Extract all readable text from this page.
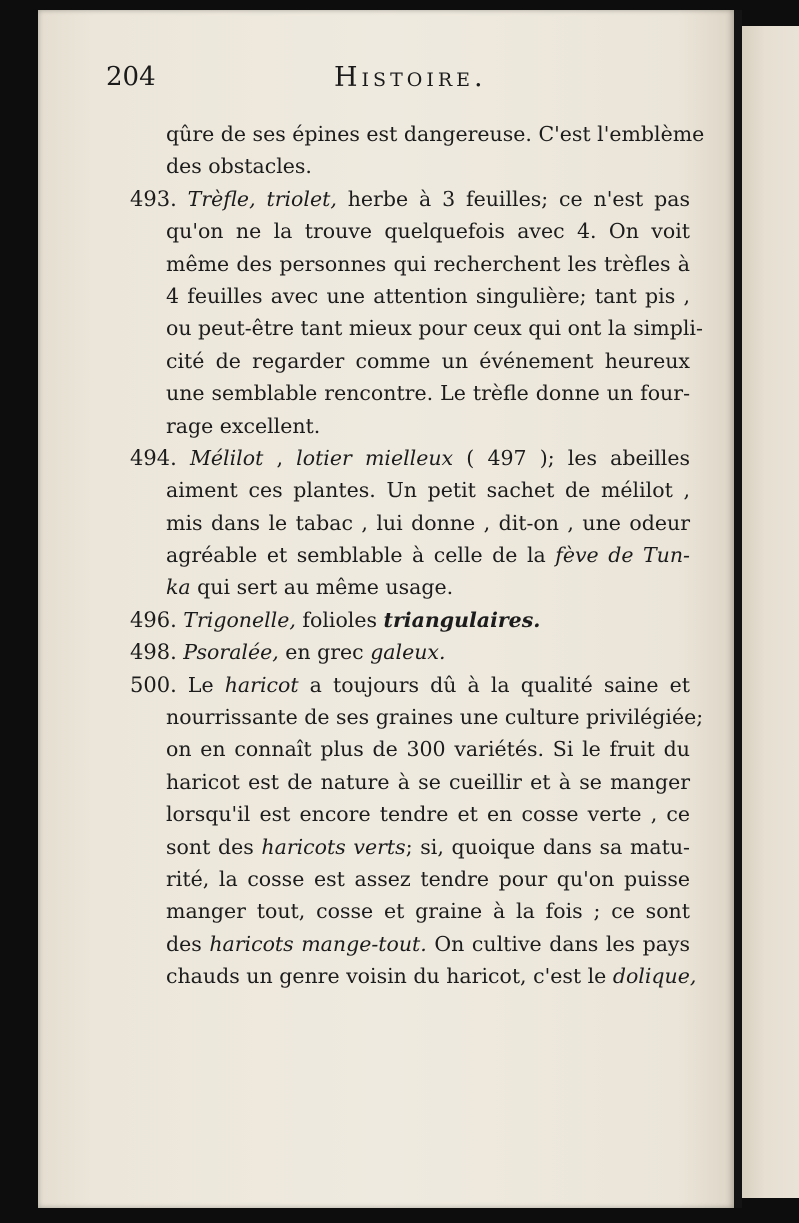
204	Histoire.
qûre de ses épines est dangereuse. C'est l'emblème
des obstacles.
493. Trèfle, triolet, herbe à 3 feuilles; ce n'est pas
qu'on ne la trouve quelquefois avec 4. On voit
même des personnes qui recherchent les trèfles à
4 feuilles avec une attention singulière; tant pis ,
ou peut-être tant mieux pour ceux qui ont la simpli-
cité de regarder comme un événement heureux
une semblable rencontre. Le trèfle donne un four-
rage excellent.
494. Mélilot , lotier mielleux ( 497 ); les abeilles
aiment ces plantes. Un petit sachet de mélilot ,
mis dans le tabac , lui donne , dit-on , une odeur
agréable et semblable à celle de la fève de Tun-
ka qui sert au même usage.
496. Trigonelle, folioles triangulaires.
498. Psoralée, en grec galeux.
500. Le haricot a toujours dû à la qualité saine et
nourrissante de ses graines une culture privilégiée;
on en connaît plus de 300 variétés. Si le fruit du
haricot est de nature à se cueillir et à se manger
lorsqu'il est encore tendre et en cosse verte , ce
sont des haricots verts; si, quoique dans sa matu-
rité, la cosse est assez tendre pour qu'on puisse
manger tout, cosse et graine à la fois ; ce sont
des haricots mange-tout. On cultive dans les pays
chauds un genre voisin du haricot, c'est le dolique,
